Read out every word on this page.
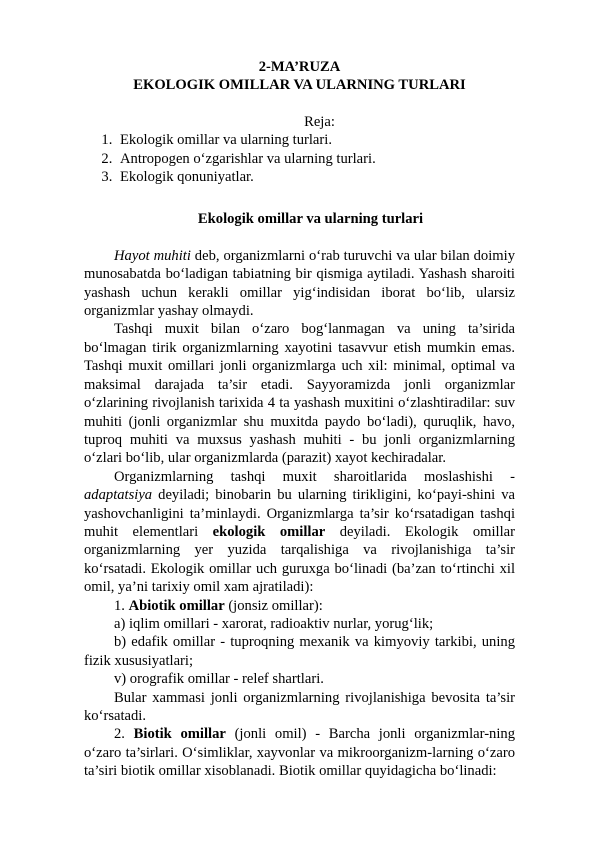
2-MA’RUZA
EKOLOGIK OMILLAR VA ULARNING TURLARI
Reja:
1. Ekologik omillar va ularning turlari.
2. Antropogen o‘zgarishlar va ularning turlari.
3. Ekologik qonuniyatlar.
Ekologik omillar va ularning turlari

Hayot muhiti deb, organizmlarni o‘rab turuvchi va ular bilan doimiy munosabatda bo‘ladigan tabiatning bir qismiga aytiladi. Yashash sharoiti yashash uchun kerakli omillar yig‘indisidan iborat bo‘lib, ularsiz organizmlar yashay olmaydi.

Tashqi muxit bilan o‘zaro bog‘lanmagan va uning ta’sirida bo‘lmagan tirik organizmlarning xayotini tasavvur etish mumkin emas. Tashqi muxit omillari jonli organizmlarga uch xil: minimal, optimal va maksimal darajada ta’sir etadi. Sayyoramizda jonli organizmlar o‘zlarining rivojlanish tarixida 4 ta yashash muxitini o‘zlashtiradilar: suv muhiti (jonli organizmlar shu muxitda paydo bo‘ladi), quruqlik, havo, tuproq muhiti va muxsus yashash muhiti - bu jonli organizmlarning o‘zlari bo‘lib, ular organizmlarda (parazit) xayot kechiradalar.

Organizmlarning tashqi muxit sharoitlarida moslashishi - adaptatsiya deyiladi; binobarin bu ularning tirikligini, ko‘payi-shini va yashovchanligini ta’minlaydi. Organizmlarga ta’sir ko‘rsatadigan tashqi muhit elementlari ekologik omillar deyiladi. Ekologik omillar organizmlarning yer yuzida tarqalishiga va rivojlanishiga ta’sir ko‘rsatadi. Ekologik omillar uch guruxga bo‘linadi (ba’zan to‘rtinchi xil omil, ya’ni tarixiy omil xam ajratiladi):

1. Abiotik omillar (jonsiz omillar):

a) iqlim omillari - xarorat, radioaktiv nurlar, yorug‘lik;

b) edafik omillar - tuproqning mexanik va kimyoviy tarkibi, uning fizik xususiyatlari;

v) orografik omillar - relef shartlari.

Bular xammasi jonli organizmlarning rivojlanishiga bevosita ta’sir ko‘rsatadi.

2. Biotik omillar (jonli omil) - Barcha jonli organizmlar-ning o‘zaro ta’sirlari. O‘simliklar, xayvonlar va mikroorganizm-larning o‘zaro ta’siri biotik omillar xisoblanadi. Biotik omillar quyidagicha bo‘linadi:
